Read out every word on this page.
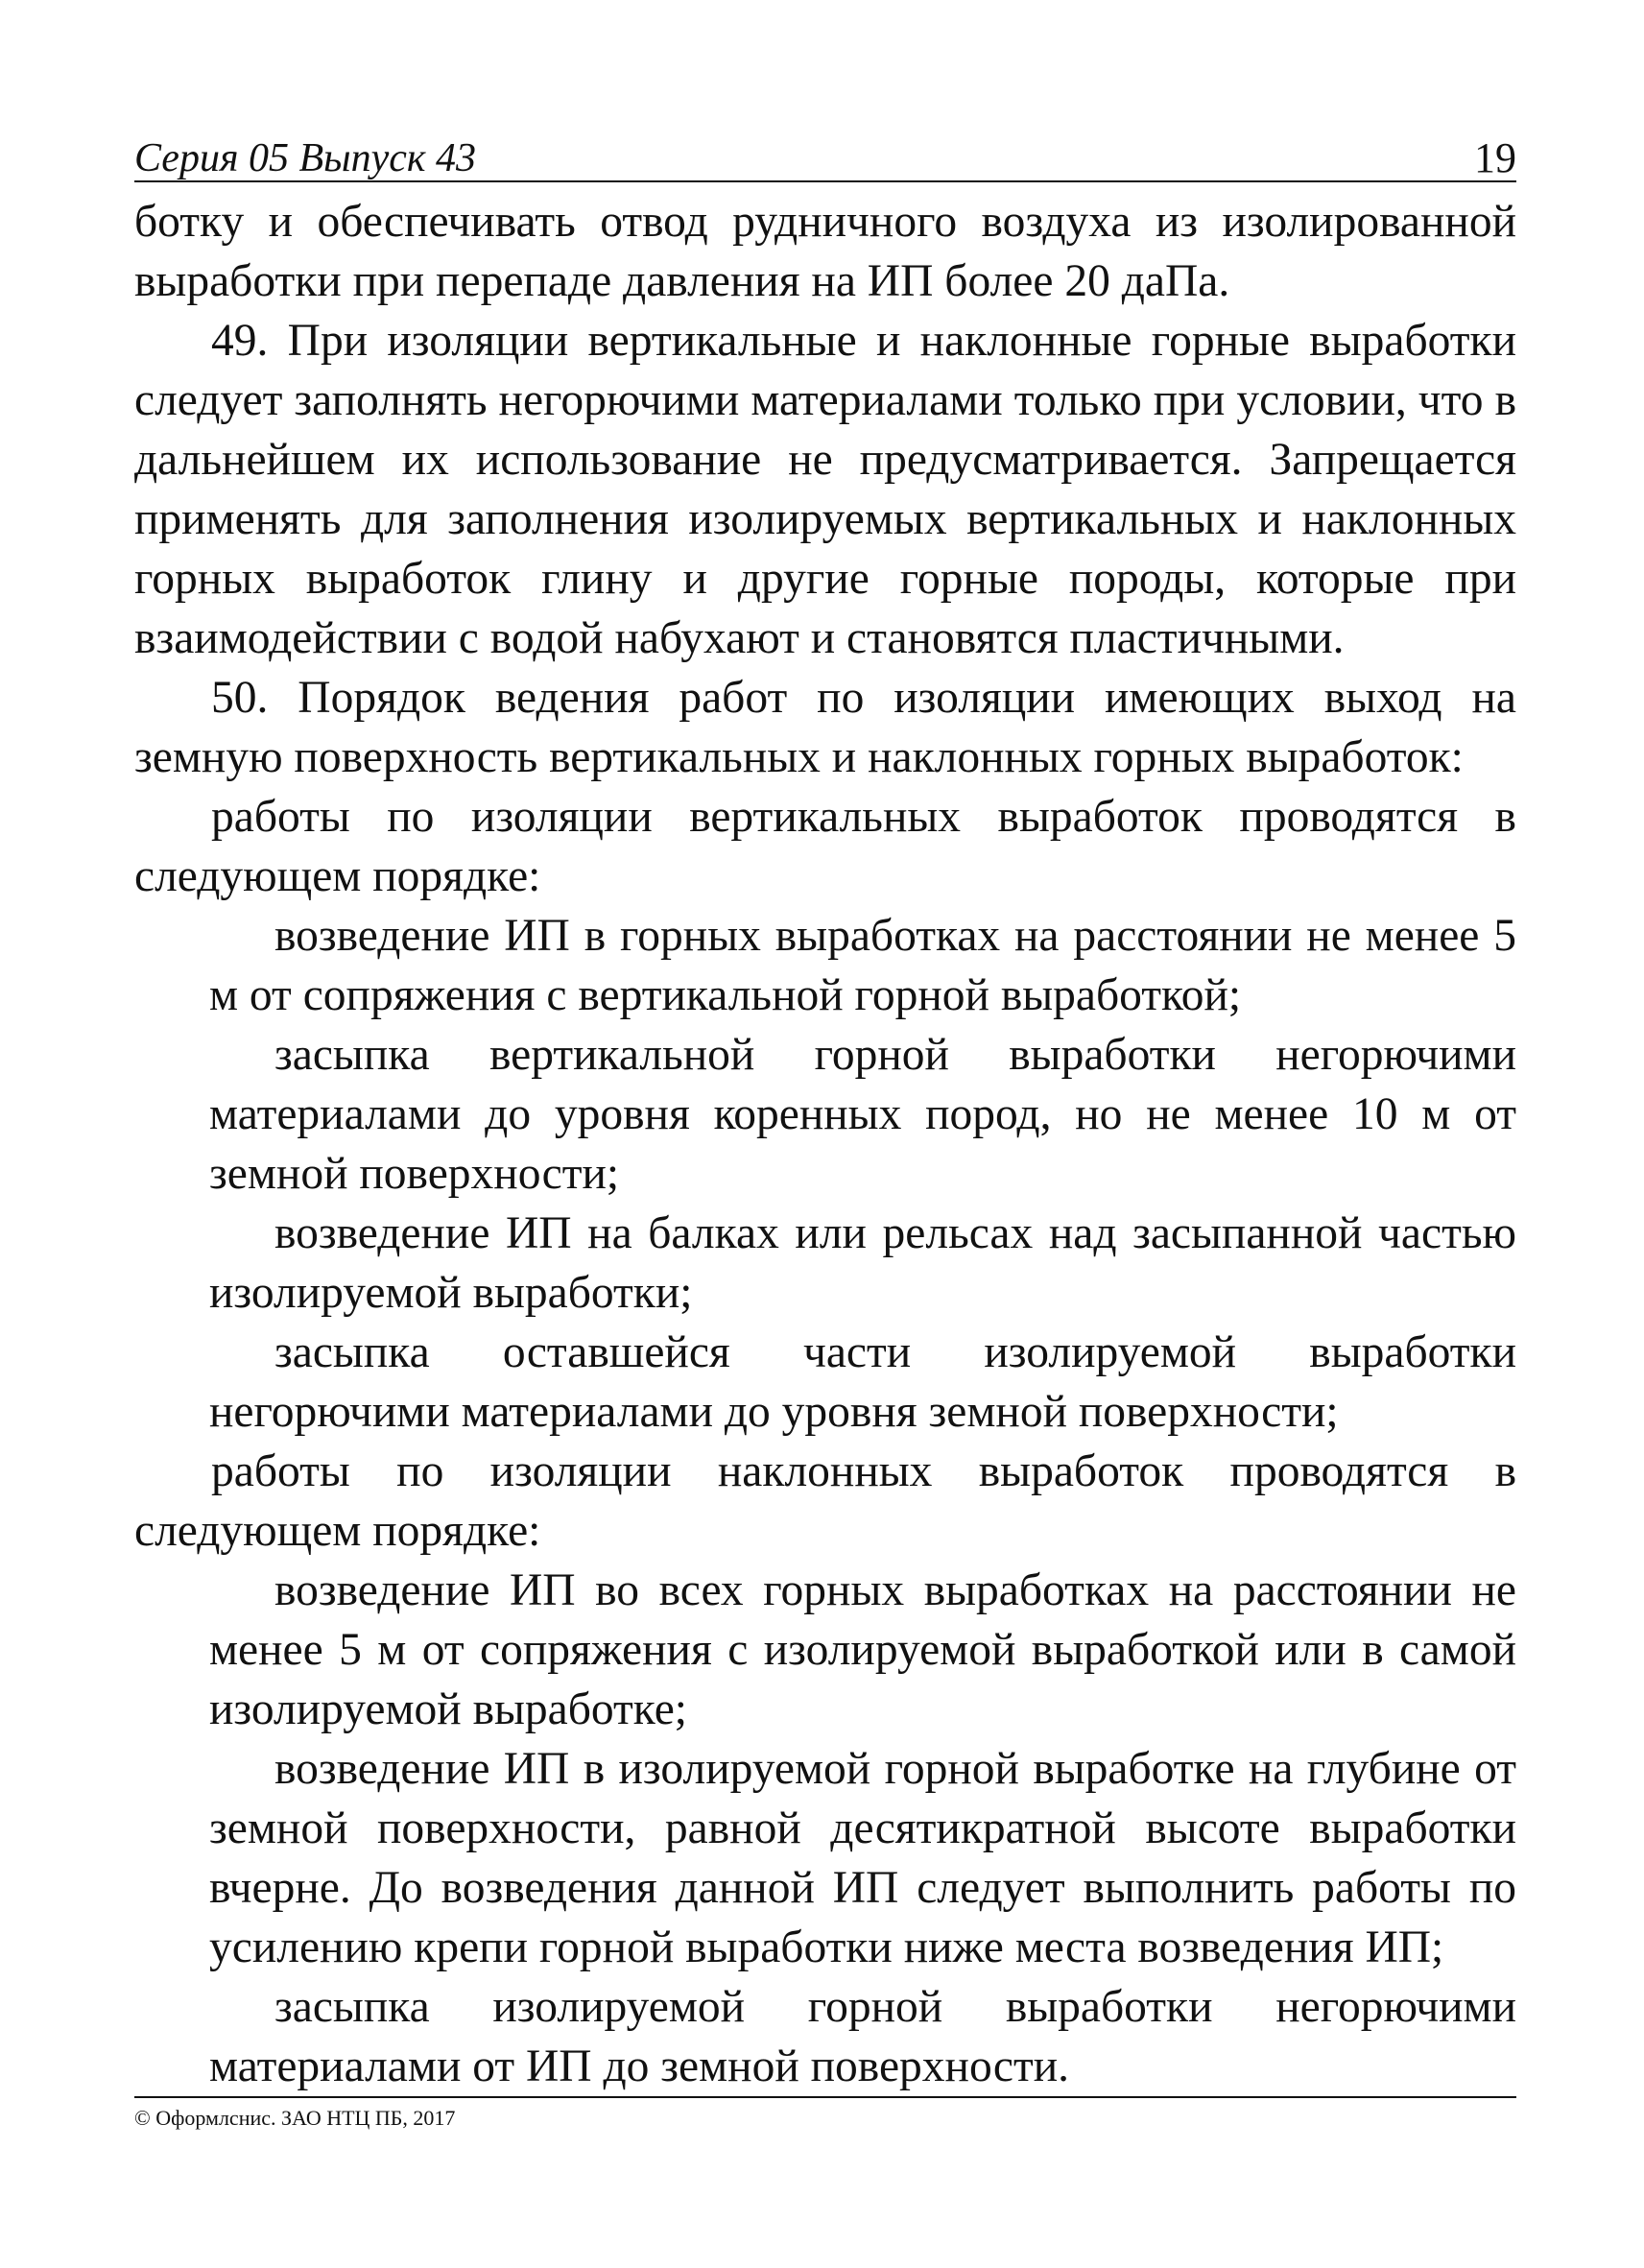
Серия 05 Выпуск 43	19

ботку и обеспечивать отвод рудничного воздуха из изолированной выработки при перепаде давления на ИП более 20 даПа.

49. При изоляции вертикальные и наклонные горные выработки следует заполнять негорючими материалами только при условии, что в дальнейшем их использование не предусматривается. Запрещается применять для заполнения изолируемых вертикальных и наклонных горных выработок глину и другие горные породы, которые при взаимодействии с водой набухают и становятся пластичными.

50. Порядок ведения работ по изоляции имеющих выход на земную поверхность вертикальных и наклонных горных выработок:

работы по изоляции вертикальных выработок проводятся в следующем порядке:

возведение ИП в горных выработках на расстоянии не менее 5 м от сопряжения с вертикальной горной выработкой;

засыпка вертикальной горной выработки негорючими материалами до уровня коренных пород, но не менее 10 м от земной поверхности;

возведение ИП на балках или рельсах над засыпанной частью изолируемой выработки;

засыпка оставшейся части изолируемой выработки негорючими материалами до уровня земной поверхности;

работы по изоляции наклонных выработок проводятся в следующем порядке:

возведение ИП во всех горных выработках на расстоянии не менее 5 м от сопряжения с изолируемой выработкой или в самой изолируемой выработке;

возведение ИП в изолируемой горной выработке на глубине от земной поверхности, равной десятикратной высоте выработки вчерне. До возведения данной ИП следует выполнить работы по усилению крепи горной выработки ниже места возведения ИП;

засыпка изолируемой горной выработки негорючими материалами от ИП до земной поверхности.

© Оформлснис. ЗАО НТЦ ПБ, 2017
